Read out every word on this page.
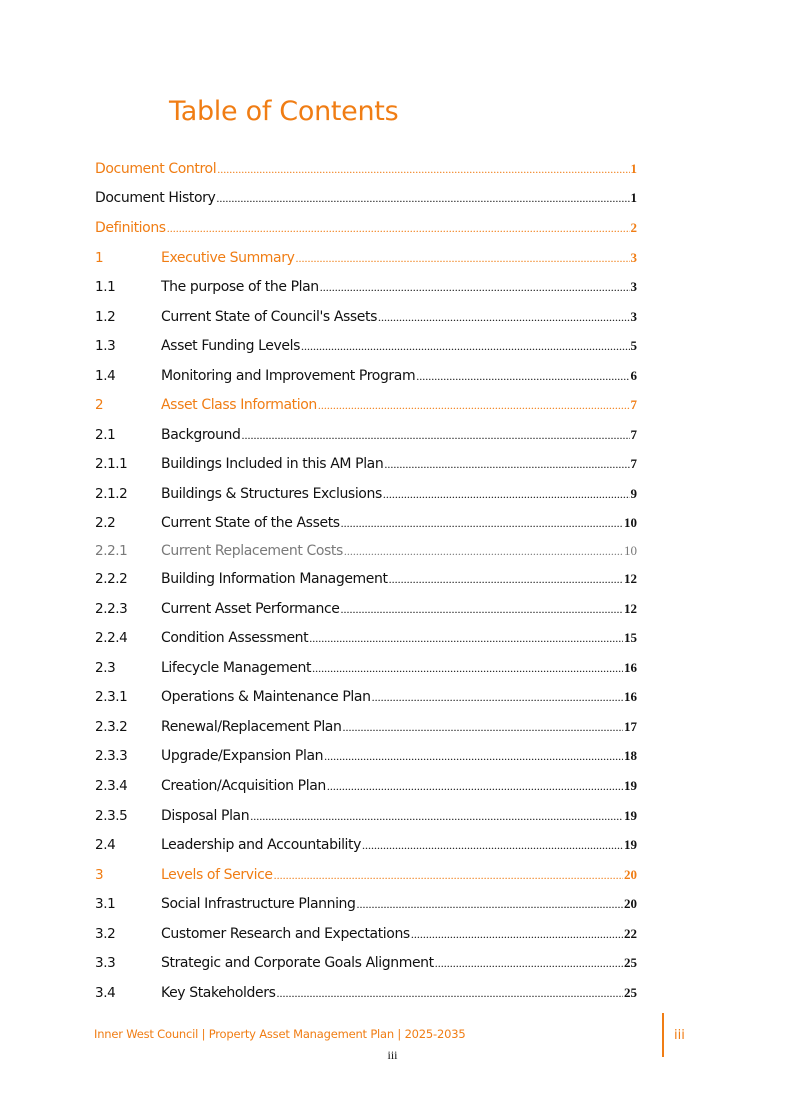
Table of Contents
Document Control .....	1
Document History .....	1
Definitions .....	2
1	Executive Summary .....	3
1.1	The purpose of the Plan .....	3
1.2	Current State of Council's Assets .....	3
1.3	Asset Funding Levels .....	5
1.4	Monitoring and Improvement Program .....	6
2	Asset Class Information .....	7
2.1	Background .....	7
2.1.1	Buildings Included in this AM Plan .....	7
2.1.2	Buildings & Structures Exclusions .....	9
2.2	Current State of the Assets .....	10
2.2.1	Current Replacement Costs .....	10
2.2.2	Building Information Management .....	12
2.2.3	Current Asset Performance .....	12
2.2.4	Condition Assessment .....	15
2.3	Lifecycle Management .....	16
2.3.1	Operations & Maintenance Plan .....	16
2.3.2	Renewal/Replacement Plan .....	17
2.3.3	Upgrade/Expansion Plan .....	18
2.3.4	Creation/Acquisition Plan .....	19
2.3.5	Disposal Plan .....	19
2.4	Leadership and Accountability .....	19
3	Levels of Service .....	20
3.1	Social Infrastructure Planning .....	20
3.2	Customer Research and Expectations .....	22
3.3	Strategic and Corporate Goals Alignment .....	25
3.4	Key Stakeholders .....	25
Inner West Council | Property Asset Management Plan | 2025-2035	iii
iii
